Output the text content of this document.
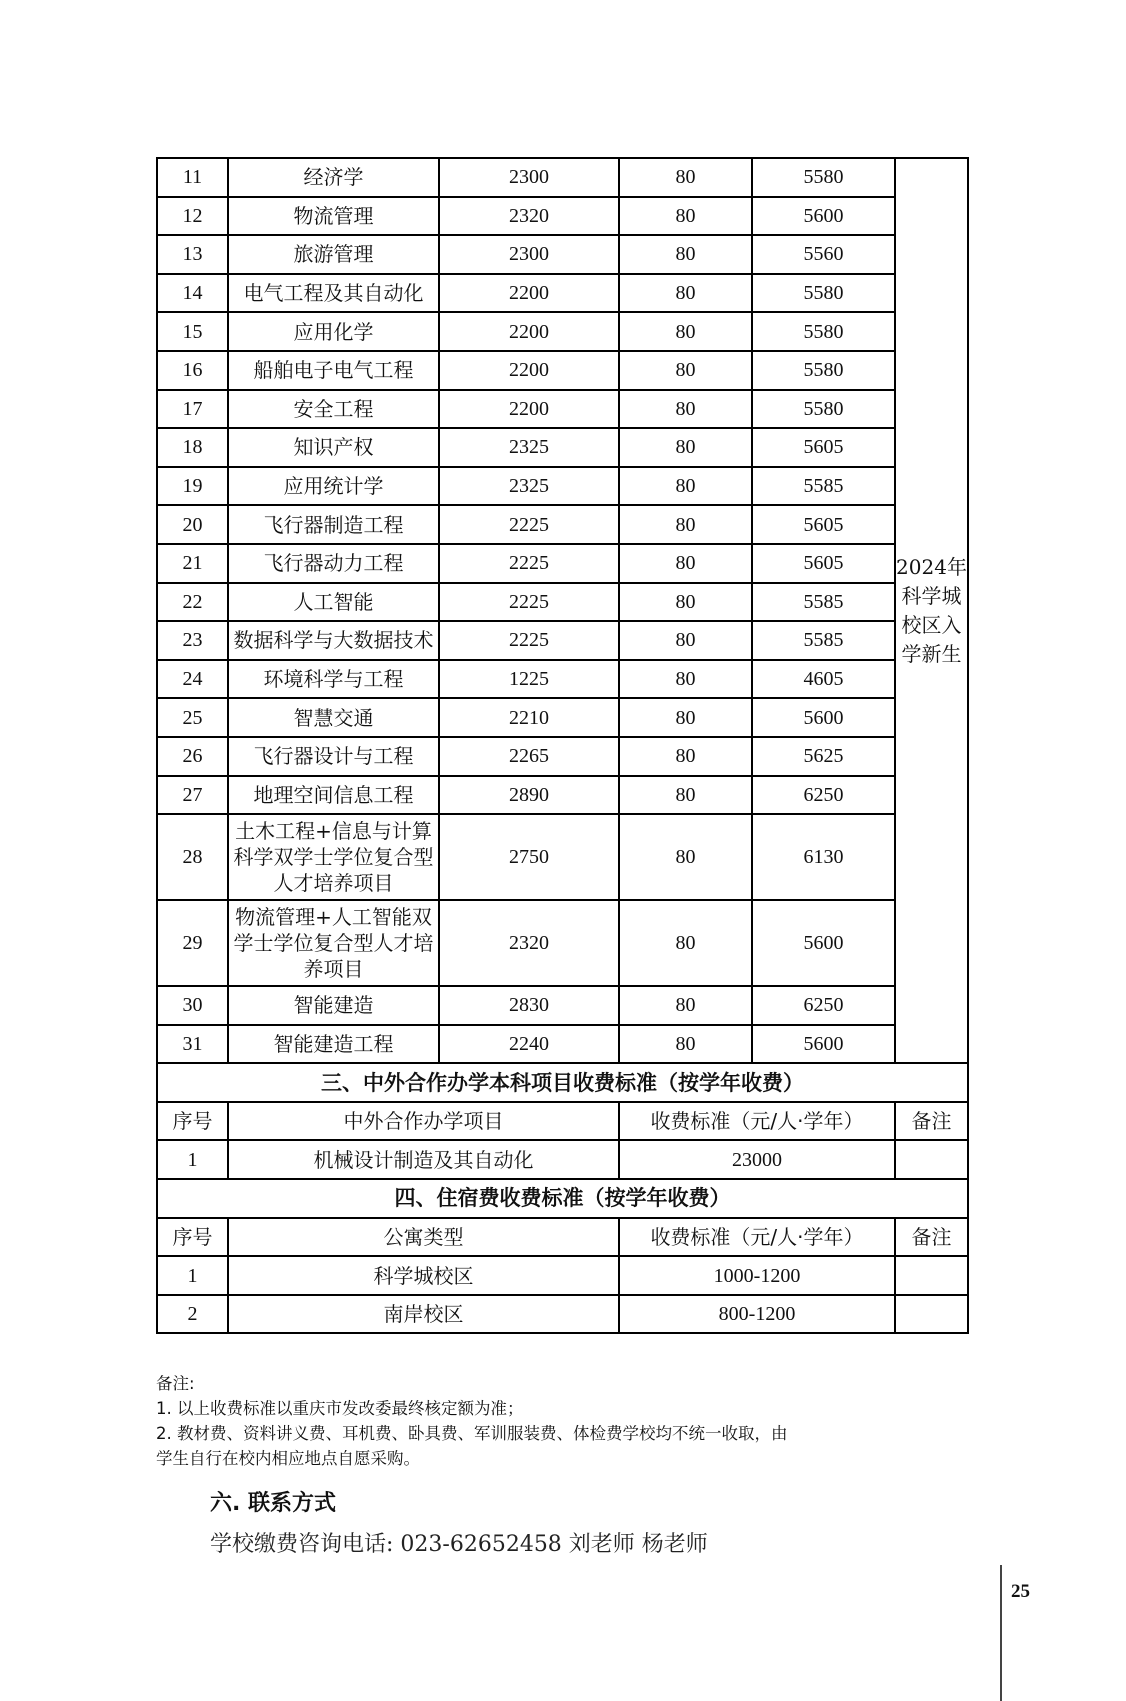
11	经济学	2300	80	5580	2024年科学城校区入学新生
12	物流管理	2320	80	5600	
13	旅游管理	2300	80	5560	
14	电气工程及其自动化	2200	80	5580	
15	应用化学	2200	80	5580	
16	船舶电子电气工程	2200	80	5580	
17	安全工程	2200	80	5580	
18	知识产权	2325	80	5605	
19	应用统计学	2325	80	5585	
20	飞行器制造工程	2225	80	5605	
21	飞行器动力工程	2225	80	5605	
22	人工智能	2225	80	5585	
23	数据科学与大数据技术	2225	80	5585	
24	环境科学与工程	1225	80	4605	
25	智慧交通	2210	80	5600	
26	飞行器设计与工程	2265	80	5625	
27	地理空间信息工程	2890	80	6250	
28	土木工程+信息与计算科学双学士学位复合型人才培养项目	2750	80	6130	
29	物流管理+人工智能双学士学位复合型人才培养项目	2320	80	5600	
30	智能建造	2830	80	6250	
31	智能建造工程	2240	80	5600	
三、中外合作办学本科项目收费标准（按学年收费）					
序号	中外合作办学项目		收费标准（元/人·学年）		备注
1	机械设计制造及其自动化		23000		
四、住宿费收费标准（按学年收费）					
序号	公寓类型		收费标准（元/人·学年）		备注
1	科学城校区		1000-1200		
2	南岸校区		800-1200		
备注:
1. 以上收费标准以重庆市发改委最终核定额为准；
2. 教材费、资料讲义费、耳机费、卧具费、军训服装费、体检费学校均不统一收取，由
学生自行在校内相应地点自愿采购。
六. 联系方式
学校缴费咨询电话: 023-62652458 刘老师 杨老师
25
